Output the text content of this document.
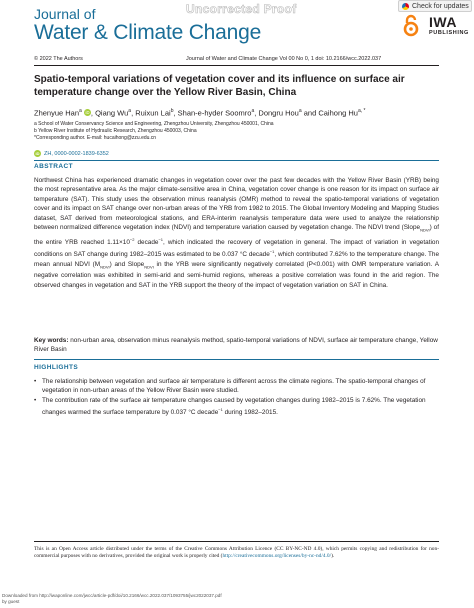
Uncorrected Proof	Check for updates
Journal of
Water & Climate Change	IWA
PUBLISHING
© 2022 The Authors	Journal of Water and Climate Change Vol 00 No 0, 1 doi: 10.2166/wcc.2022.037
Spatio-temporal variations of vegetation cover and its influence on surface air temperature change over the Yellow River Basin, China
Zhenyue Han$^a$ iD , Qiang Wu$^a$, Ruixun Lai$^b$, Shan-e-hyder Soomro$^a$, Dongru Hou$^a$ and Caihong $Hu^{a, *}$
a School of Water Conservancy Science and Engineering, Zhengzhou University, Zhengzhou 450001, China
b Yellow River Institute of Hydraulic Research, Zhengzhou 450003, China
*Corresponding author. E-mail: hucaihong@zzu.edu.cn
iD ZH, 0000-0002-1839-6352
ABSTRACT
Northwest China has experienced dramatic changes in vegetation cover over the past few decades with the Yellow River Basin (YRB) being the most representative area. As the major climate-sensitive area in China, vegetation cover change is one reason for its impact on surface air temperature (SAT). This study uses the observation minus reanalysis (OMR) method to reveal the spatio-temporal variations of vegetation cover and its impact on SAT change over non-urban areas of the YRB from 1982 to 2015. The Global Inventory Modeling and Mapping Studies dataset, SAT derived from meteorological stations, and ERA-interim reanalysis temperature data were used to analyze the relationship between normalized difference vegetation index (NDVI) and temperature variation caused by vegetation change. The NDVI trend (Slope$_{NDVI}$) of the entire YRB reached $1.11\times 10^{-2}$ decade$^{-1}$, which indicated the recovery of vegetation in general. The impact of variation in vegetation conditions on SAT change during 1982–2015 was estimated to be 0.037 °C decade$^{-1}$, which contributed 7.62% to the temperature change. The mean annual NDVI $(M_{NDVI})$ and Slope$_{NDVI}$ in the YRB were significantly negatively correlated (P<0.001) with OMR temperature variation. A negative correlation was exhibited in semi-arid and semi-humid regions, whereas a positive correlation was found in the arid region. The observed changes in vegetation and SAT in the YRB support the theory of the impact of vegetation variation on SAT in China.
Key words: non-urban area, observation minus reanalysis method, spatio-temporal variations of NDVI, surface air temperature change, Yellow River Basin
HIGHLIGHTS
• The relationship between vegetation and surface air temperature is different across the climate regions. The spatio-temporal changes of vegetation in non-urban areas of the Yellow River Basin were studied.
• The contribution rate of the surface air temperature changes caused by vegetation changes during 1982–2015 is 7.62%. The vegetation changes warmed the surface temperature by 0.037 °C decade$^{-1}$ during 1982–2015.
This is an Open Access article distributed under the terms of the Creative Commons Attribution Licence (CC BY-NC-ND 4.0), which permits copying and redistribution for non-commercial purposes with no derivatives, provided the original work is properly cited (http://creativecommons.org/licenses/by-nc-nd/4.0/).
Downloaded from http://iwaponline.com/jwcc/article-pdf/doi/10.2166/wcc.2022.037/1093755/jwc2022037.pdf
by guest
